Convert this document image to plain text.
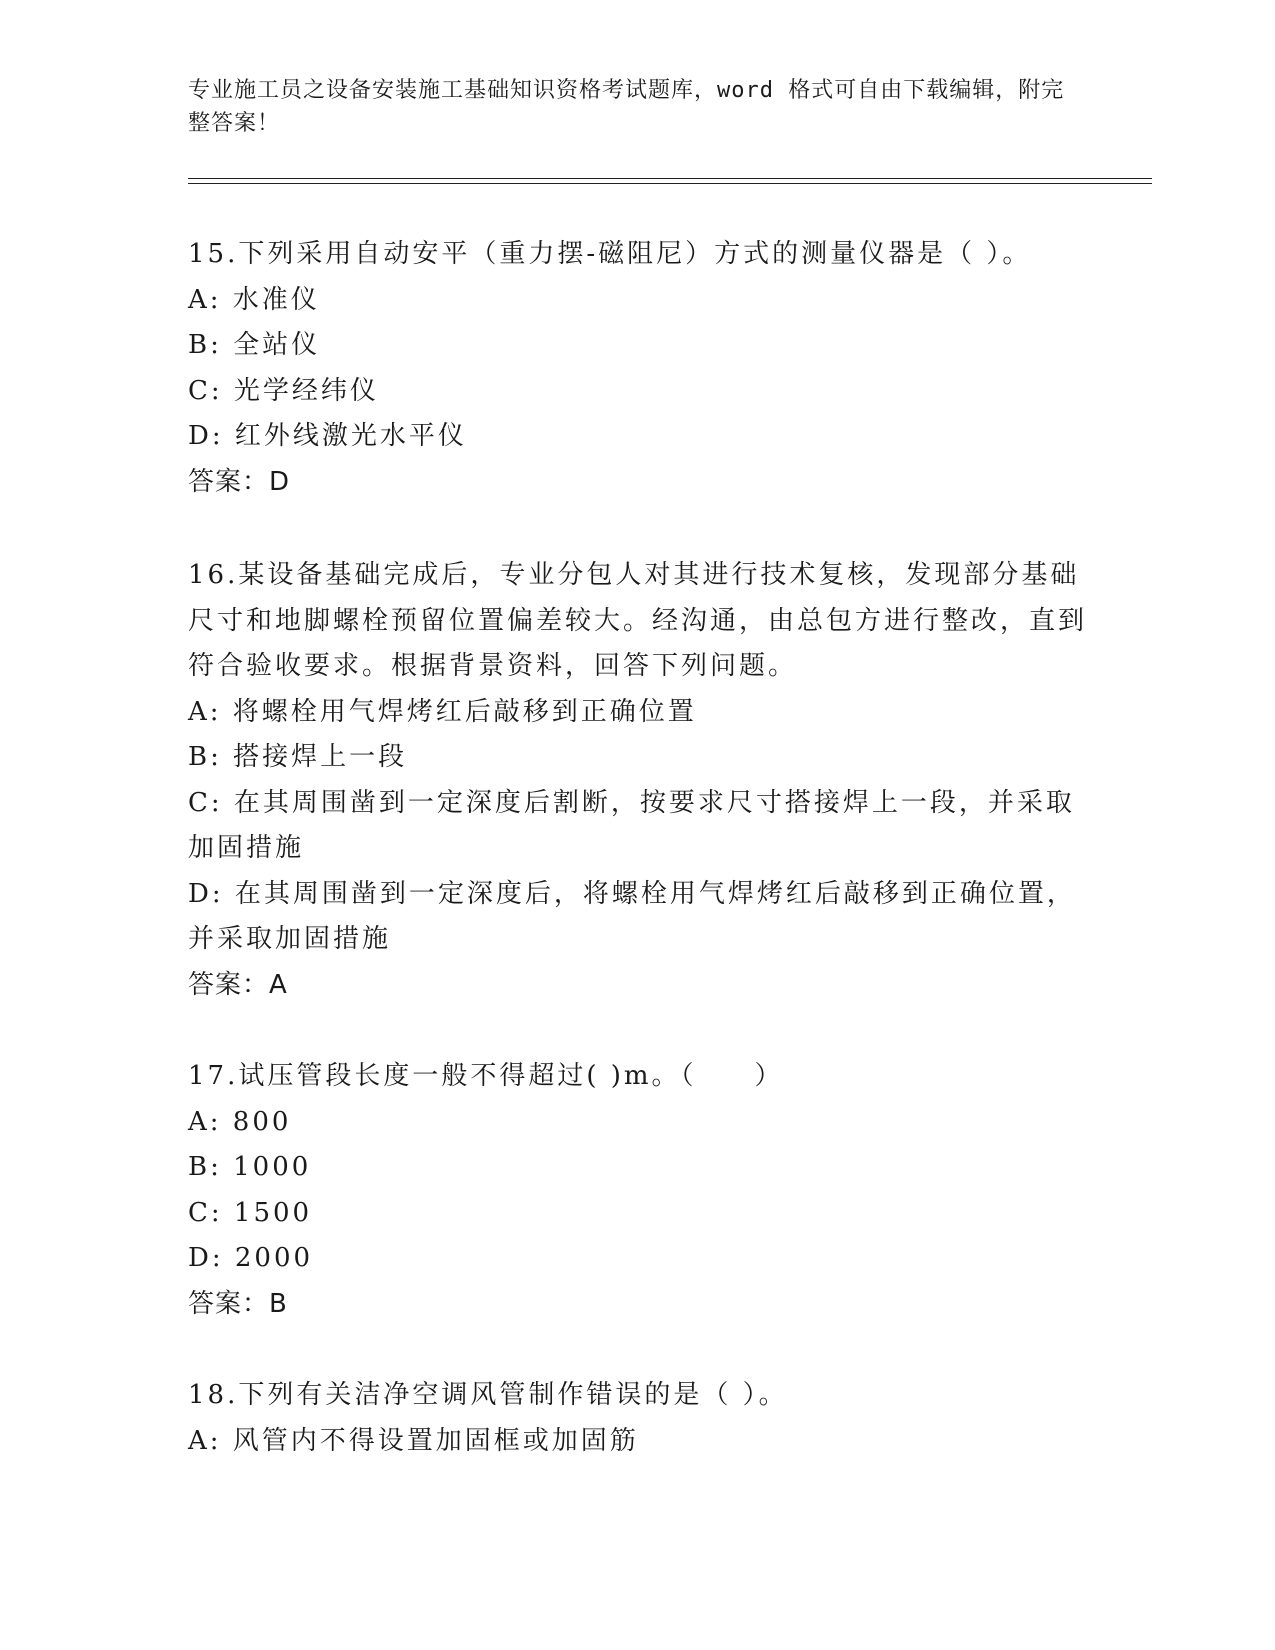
专业施工员之设备安装施工基础知识资格考试题库，word 格式可自由下载编辑，附完整答案！
15.下列采用自动安平（重力摆-磁阻尼）方式的测量仪器是（ ）。
A: 水准仪
B: 全站仪
C: 光学经纬仪
D: 红外线激光水平仪
答案：D
16.某设备基础完成后，专业分包人对其进行技术复核，发现部分基础尺寸和地脚螺栓预留位置偏差较大。经沟通，由总包方进行整改，直到符合验收要求。根据背景资料，回答下列问题。
A: 将螺栓用气焊烤红后敲移到正确位置
B: 搭接焊上一段
C: 在其周围凿到一定深度后割断，按要求尺寸搭接焊上一段，并采取加固措施
D: 在其周围凿到一定深度后，将螺栓用气焊烤红后敲移到正确位置，并采取加固措施
答案：A
17.试压管段长度一般不得超过( )m。（　　）
A: 800
B: 1000
C: 1500
D: 2000
答案：B
18.下列有关洁净空调风管制作错误的是（ ）。
A: 风管内不得设置加固框或加固筋
